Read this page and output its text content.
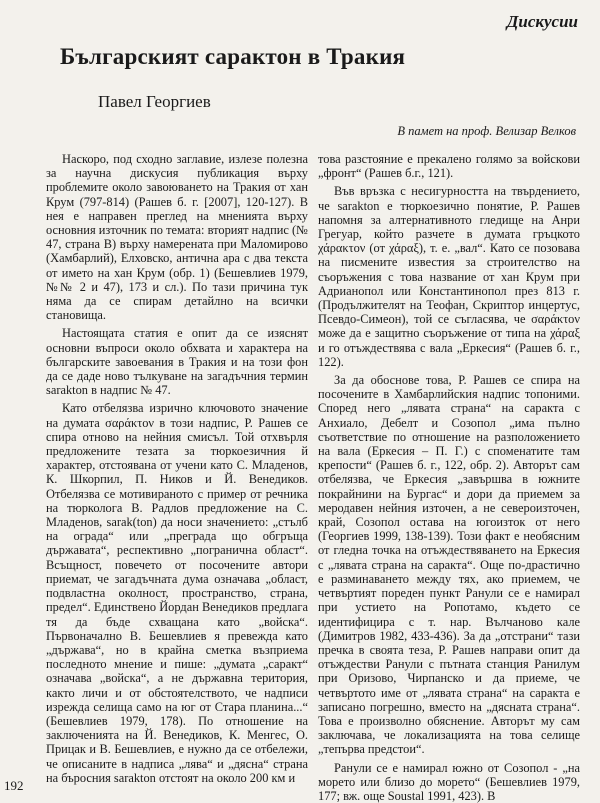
Дискусии
Българският сарактон в Тракия
Павел Георгиев
В памет на проф. Велизар Велков

Наскоро, под сходно заглавие, излезе полезна за научна дискусия публикация върху проблемите около завоюването на Тракия от хан Крум (797-814) (Рашев б. г. [2007], 120-127). В нея е направен преглед на мненията върху основния източник по темата: вторият надпис (№ 47, страна В) върху намерената при Маломирово (Хамбарлий), Елховско, антична ара с два текста от името на хан Крум (обр. 1) (Бешевлиев 1979, №№ 2 и 47), 173 и сл.). По тази причина тук няма да се спирам детайлно на всички становища.

Настоящата статия е опит да се изяснят основни въпроси около обхвата и характера на българските завоевания в Тракия и на този фон да се даде ново тълкуване на загадъчния термин sarakton в надпис № 47.

Като отбелязва изрично ключовото значение на думата σαράκτον в този надпис, Р. Рашев се спира отново на нейния смисъл. Той отхвърля предложените тезата за тюркоезичния й характер, отстоявана от учени като С. Младенов, К. Шкорпил, П. Ников и Й. Венедиков. Отбелязва се мотивираното с пример от речника на тюрколога В. Радлов предложение на С. Младенов, sarak(ton) да носи значението: „стълб на ограда“ или „преграда що обгръща държавата“, респективно „погранична област“. Всъщност, повечето от посочените автори приемат, че загадъчната дума означава „област, подвластна околност, пространство, страна, предел“. Единствено Йордан Венедиков предлага тя да бъде схващана като „войска“. Първоначално В. Бешевлиев я превежда като „държава“, но в крайна сметка възприема последното мнение и пише: „думата „саракт“ означава „войска“, а не държавна територия, както личи и от обстоятелството, че надписи изрежда селища само на юг от Стара планина...“ (Бешевлиев 1979, 178). По отношение на заключенията на Й. Венедиков, К. Менгес, О. Прицак и В. Бешевлиев, е нужно да се отбележи, че описаните в надписа „лява“ и „дясна“ страна на бъросния sarakton отстоят на около 200 км и

това разстояние е прекалено голямо за войскови „фронт“ (Рашев б.г., 121).

Във връзка с несигурността на твърдението, че sarakton е тюркоезично понятие, Р. Рашев напомня за алтернативното гледище на Анри Грегуар, който разчете в думата гръцкото χάρακτον (от χάραξ), т. е. „вал“. Като се позовава на писмените известия за строителство на съоръжения с това название от хан Крум при Адрианопол или Константинопол през 813 г. (Продължителят на Теофан, Скриптор инцертус, Псевдо-Симеон), той се съгласява, че σαράκτον може да е защитно съоръжение от типа на χάραξ и го отъждествява с вала „Еркесия“ (Рашев б. г., 122).

За да обоснове това, Р. Рашев се спира на посочените в Хамбарлийския надпис топоними. Според него „лявата страна“ на саракта с Анхиало, Дебелт и Созопол „има пълно съответствие по отношение на разположението на вала (Еркесия – П. Г.) с споменатите там крепости“ (Рашев б. г., 122, обр. 2). Авторът сам отбелязва, че Еркесия „завършва в южните покрайнини на Бургас“ и дори да приемем за меродавен нейния източен, а не североизточен, край, Созопол остава на югоизток от него (Георгиев 1999, 138-139). Този факт е необясним от гледна точка на отъждествяването на Еркесия с „лявата страна на саракта“. Още по-драстично е разминаването между тях, ако приемем, че четвъртият пореден пункт Ранули се е намирал при устието на Ропотамо, където се идентифицира с т. нар. Вълчаново кале (Димитров 1982, 433-436). За да „отстрани“ тази пречка в своята теза, Р. Рашев направи опит да отъждестви Ранули с пътната станция Ранилум при Оризово, Чирпанско и да приеме, че четвъртото име от „лявата страна“ на саракта е записано погрешно, вместо на „дясната страна“. Това е произволно обяснение. Авторът му сам заключава, че локализацията на това селище „тепърва предстои“.

Ранули се е намирал южно от Созопол - „на морето или близо до морето“ (Бешевлиев 1979, 177; вж. още Soustal 1991, 423). В

192
